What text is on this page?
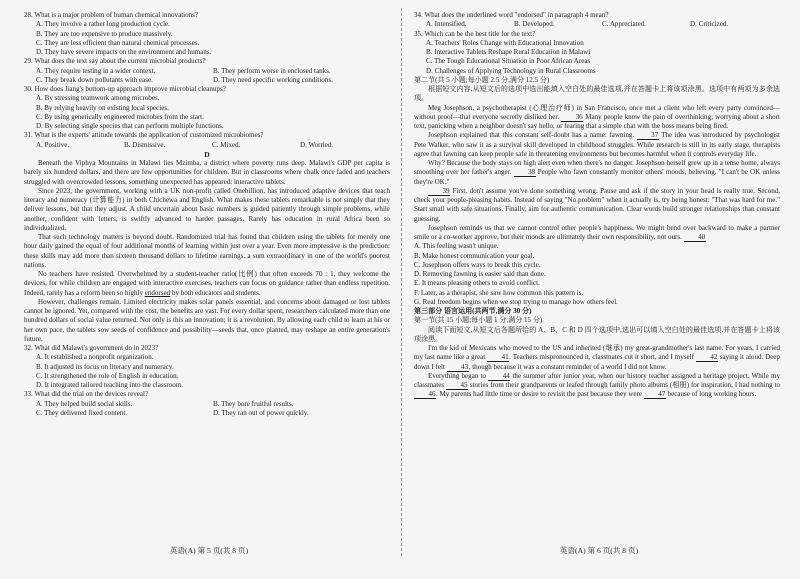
28. What is a major problem of human chemical innovations?
A. They involve a rather long production cycle.
B. They are too expensive to produce massively.
C. They are less efficient than natural chemical processes.
D. They have severe impacts on the environment and humans.
29. What does the text say about the current microbial products?
A. They require testing in a wider context.	B. They perform worse in enclosed tanks.
C. They break down pollutants with ease.	D. They need specific working conditions.
30. How does Jiang's bottom-up approach improve microbial cleanups?
A. By stressing teamwork among microbes.
B. By relying heavily on existing local species.
C. By using genetically engineered microbes from the start.
D. By selecting single species that can perform multiple functions.
31. What is the experts' attitude towards the application of customized microbiomes?
A. Positive.	B. Dismissive.	C. Mixed.	D. Worried.
D
Beneath the Viphya Mountains in Malawi lies Mzimba, a district where poverty runs deep. Malawi's GDP per capita is barely six hundred dollars, and there are few opportunities for children. But in classrooms where chalk once faded and teachers struggled with overcrowded lessons, something unexpected has appeared: interactive tablets.
Since 2023, the government, working with a UK non-profit called Onebillion, has introduced adaptive devices that teach literacy and numeracy (计算能力) in both Chichewa and English. What makes these tablets remarkable is not simply that they deliver lessons, but that they adjust. A child uncertain about basic numbers is guided patiently through simple problems, while another, confident with letters, is swiftly advanced to harder passages. Rarely has education in rural Africa been so individualized.
That such technology matters is beyond doubt. Randomized trial has found that children using the tablets for merely one hour daily gained the equal of four additional months of learning within just over a year. Even more impressive is the prediction: these skills may add more than sixteen thousand dollars to lifetime earnings, a sum extraordinary in one of the world's poorest nations.
No teachers have resisted. Overwhelmed by a student-teacher ratio(比例) that often exceeds 70 : 1, they welcome the devices, for while children are engaged with interactive exercises, teachers can focus on guidance rather than endless repetition. Indeed, rarely has a reform been so highly endorsed by both educators and students.
However, challenges remain. Limited electricity makes solar panels essential, and concerns about damaged or lost tablets cannot be ignored. Yet, compared with the cost, the benefits are vast. For every dollar spent, researchers calculated more than one hundred dollars of social value returned. Not only is this an innovation; it is a revolution. By allowing each child to learn at his or her own pace, the tablets sow seeds of confidence and possibility—seeds that, once planted, may reshape an entire generation's future.
32. What did Malawi's government do in 2023?
A. It established a nonprofit organization.
B. It adjusted its focus on literacy and numeracy.
C. It strengthened the role of English in education.
D. It integrated tailored teaching into the classroom.
33. What did the trial on the devices reveal?
A. They helped build social skills.	B. They bore fruitful results.
C. They delivered fixed content.	D. They ran out of power quickly.
34. What does the underlined word "endorsed" in paragraph 4 mean?
A. Intensified.	B. Developed.	C. Appreciated.	D. Criticized.
35. Which can be the best title for the text?
A. Teachers' Roles Change with Educational Innovation
B. Interactive Tablets Reshape Rural Education in Malawi
C. The Tough Educational Situation in Poor African Areas
D. Challenges of Applying Technology in Rural Classrooms
第二节(共 5 小题;每小题 2.5 分,满分 12.5 分)
根据短文内容,从短文后的选项中选出能填入空白处的最佳选项,并在答题卡上将该项涂黑。选项中有两项为多余选项。
Meg Josephson, a psychotherapist (心理治疗师) in San Francisco, once met a client who left every party convinced—without proof—that everyone secretly disliked her. 36 Many people know the pain of overthinking; worrying about a short text, panicking when a neighbor doesn't say hello, or fearing that a simple chat with the boss means being fired.
Josephson explained that this constant self-doubt has a name: fawning. 37 The idea was introduced by psychologist Pete Walker, who saw it as a survival skill developed in childhood struggles. While research is still in its early stage, therapists agree that fawning can keep people safe in threatening environments but becomes harmful when it controls everyday life.
Why? Because the body stays on high alert even when there's no danger. Josephson herself grew up in a tense home, always smoothing over her father's anger. 38 People who fawn constantly monitor others' moods, believing, "I can't be OK unless they're OK."
39 First, don't assume you've done something wrong. Pause and ask if the story in your head is really true. Second, check your people-pleasing habits. Instead of saying "No problem" when it actually is, try being honest: "That was hard for me." Start small with safe situations. Finally, aim for authentic communication. Clear words build stronger relationships than constant guessing.
Josephson reminds us that we cannot control other people's happiness. We might bend over backward to make a partner smile or a co-worker approve, but their moods are ultimately their own responsibility, not ours. 40
A. This feeling wasn't unique.
B. Make honest communication your goal.
C. Josephson offers ways to break this cycle.
D. Removing fawning is easier said than done.
E. It means pleasing others to avoid conflict.
F. Later, as a therapist, she saw how common this pattern is.
G. Real freedom begins when we stop trying to manage how others feel.
第三部分 语言运用(共两节,满分 30 分)
第一节(共 15 小题;每小题 1 分,满分 15 分)
阅读下面短文,从短文后各题所给的 A、B、C 和 D 四个选项中,选出可以填入空白处的最佳选项,并在答题卡上将该项涂黑。
I'm the kid of Mexicans who moved to the US and inherited (继承) my great-grandmother's last name. For years, I carried my last name like a great 41. Teachers mispronounced it, classmates cut it short, and I myself 42 saying it aloud. Deep down I felt 43, though because it was a constant reminder of a world I did not know.
Everything began to 44 the summer after junior year, when our history teacher assigned a heritage project. While my classmates 45 stories from their grandparents or leafed through family photo albums (相册) for inspiration, I had nothing to 46. My parents had little time or desire to revisit the past because they were 47 because of long working hours.
英语(A) 第 5 页(共 8 页)	英语(A) 第 6 页(共 8 页)
